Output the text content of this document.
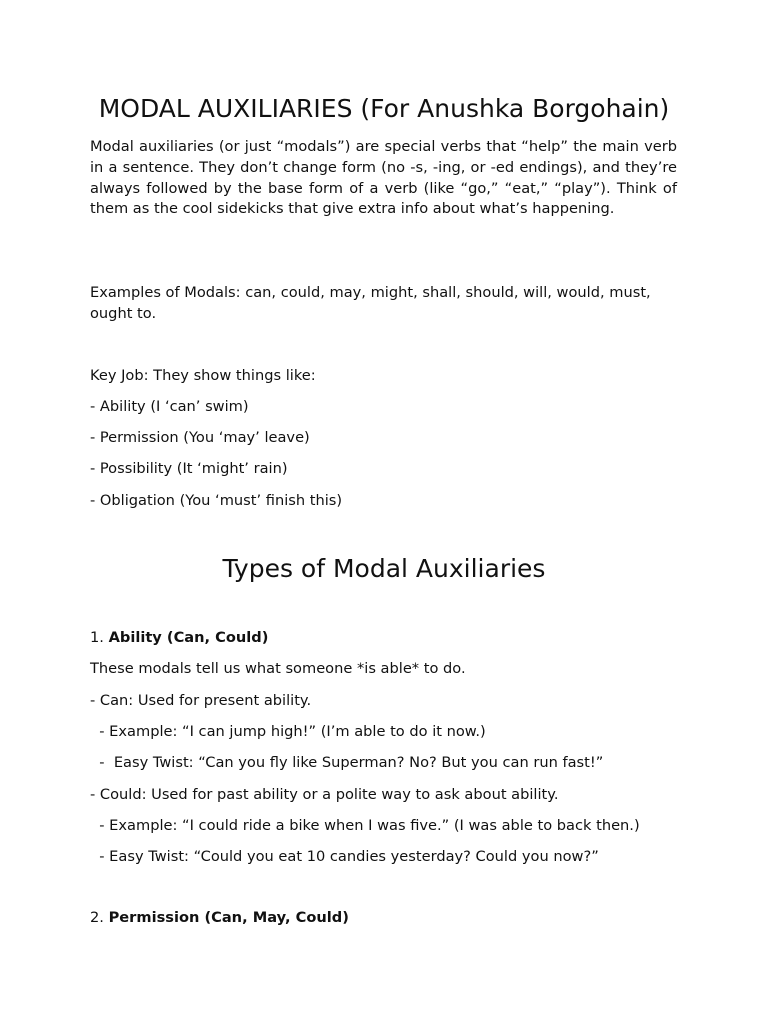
MODAL AUXILIARIES (For Anushka Borgohain)

Modal auxiliaries (or just “modals”) are special verbs that “help” the main verb in a sentence. They don’t change form (no -s, -ing, or -ed endings), and they’re always followed by the base form of a verb (like “go,” “eat,” “play”). Think of them as the cool sidekicks that give extra info about what’s happening.

Examples of Modals: can, could, may, might, shall, should, will, would, must, ought to.

Key Job: They show things like:

- Ability (I ‘can’ swim)

- Permission (You ‘may’ leave)

- Possibility (It ‘might’ rain)

- Obligation (You ‘must’ finish this)

Types of Modal Auxiliaries

1. Ability (Can, Could)

These modals tell us what someone *is able* to do.

- Can: Used for present ability.

- Example: “I can jump high!” (I’m able to do it now.)

-  Easy Twist: “Can you fly like Superman? No? But you can run fast!”

- Could: Used for past ability or a polite way to ask about ability.

- Example: “I could ride a bike when I was five.” (I was able to back then.)

- Easy Twist: “Could you eat 10 candies yesterday? Could you now?”

2. Permission (Can, May, Could)
